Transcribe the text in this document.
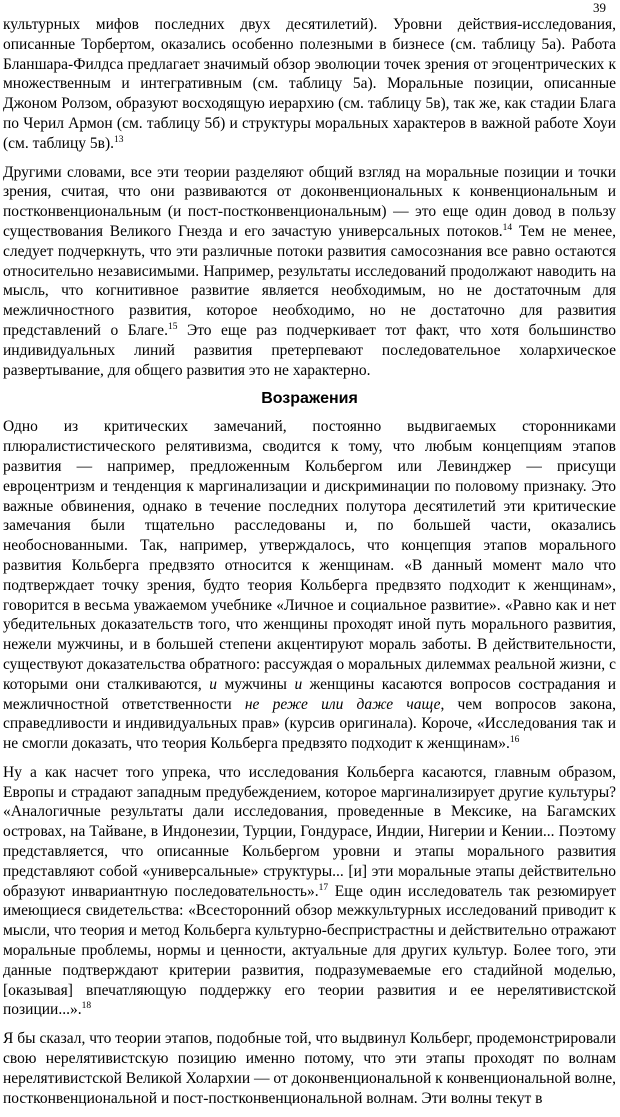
39

культурных мифов последних двух десятилетий). Уровни действия-исследования, описанные Торбертом, оказались особенно полезными в бизнесе (см. таблицу 5а). Работа Бланшара-Филдса предлагает значимый обзор эволюции точек зрения от эгоцентрических к множественным и интегративным (см. таблицу 5а). Моральные позиции, описанные Джоном Ролзом, образуют восходящую иерархию (см. таблицу 5в), так же, как стадии Блага по Черил Армон (см. таблицу 5б) и структуры моральных характеров в важной работе Хоуи (см. таблицу 5в).$^{13}$

Другими словами, все эти теории разделяют общий взгляд на моральные позиции и точки зрения, считая, что они развиваются от доконвенциональных к конвенциональным и постконвенциональным (и пост-постконвенциональным) — это еще один довод в пользу существования Великого Гнезда и его зачастую универсальных потоков.$^{14}$ Тем не менее, следует подчеркнуть, что эти различные потоки развития самосознания все равно остаются относительно независимыми. Например, результаты исследований продолжают наводить на мысль, что когнитивное развитие является необходимым, но не достаточным для межличностного развития, которое необходимо, но не достаточно для развития представлений о Благе.$^{15}$ Это еще раз подчеркивает тот факт, что хотя большинство индивидуальных линий развития претерпевают последовательное холархическое развертывание, для общего развития это не характерно.

Возражения

Одно из критических замечаний, постоянно выдвигаемых сторонниками плюралистистического релятивизма, сводится к тому, что любым концепциям этапов развития — например, предложенным Кольбергом или Левинджер — присущи евроцентризм и тенденция к маргинализации и дискриминации по половому признаку. Это важные обвинения, однако в течение последних полутора десятилетий эти критические замечания были тщательно расследованы и, по большей части, оказались необоснованными. Так, например, утверждалось, что концепция этапов морального развития Кольберга предвзято относится к женщинам. «В данный момент мало что подтверждает точку зрения, будто теория Кольберга предвзято подходит к женщинам», говорится в весьма уважаемом учебнике «Личное и социальное развитие». «Равно как и нет убедительных доказательств того, что женщины проходят иной путь морального развития, нежели мужчины, и в большей степени акцентируют мораль заботы. В действительности, существуют доказательства обратного: рассуждая о моральных дилеммах реальной жизни, с которыми они сталкиваются, и мужчины и женщины касаются вопросов сострадания и межличностной ответственности не реже или даже чаще, чем вопросов закона, справедливости и индивидуальных прав» (курсив оригинала). Короче, «Исследования так и не смогли доказать, что теория Кольберга предвзято подходит к женщинам».$^{16}$

Ну а как насчет того упрека, что исследования Кольберга касаются, главным образом, Европы и страдают западным предубеждением, которое маргинализирует другие культуры? «Аналогичные результаты дали исследования, проведенные в Мексике, на Багамских островах, на Тайване, в Индонезии, Турции, Гондурасе, Индии, Нигерии и Кении... Поэтому представляется, что описанные Кольбергом уровни и этапы морального развития представляют собой «универсальные» структуры... [и] эти моральные этапы действительно образуют инвариантную последовательность».$^{17}$ Еще один исследователь так резюмирует имеющиеся свидетельства: «Всесторонний обзор межкультурных исследований приводит к мысли, что теория и метод Кольберга культурно-беспристрастны и действительно отражают моральные проблемы, нормы и ценности, актуальные для других культур. Более того, эти данные подтверждают критерии развития, подразумеваемые его стадийной моделью, [оказывая] впечатляющую поддержку его теории развития и ее нерелятивистской позиции...».$^{18}$

Я бы сказал, что теории этапов, подобные той, что выдвинул Кольберг, продемонстрировали свою нерелятивистскую позицию именно потому, что эти этапы проходят по волнам нерелятивистской Великой Холархии — от доконвенциональной к конвенциональной волне, постконвенциональной и пост-постконвенциональной волнам. Эти волны текут в
